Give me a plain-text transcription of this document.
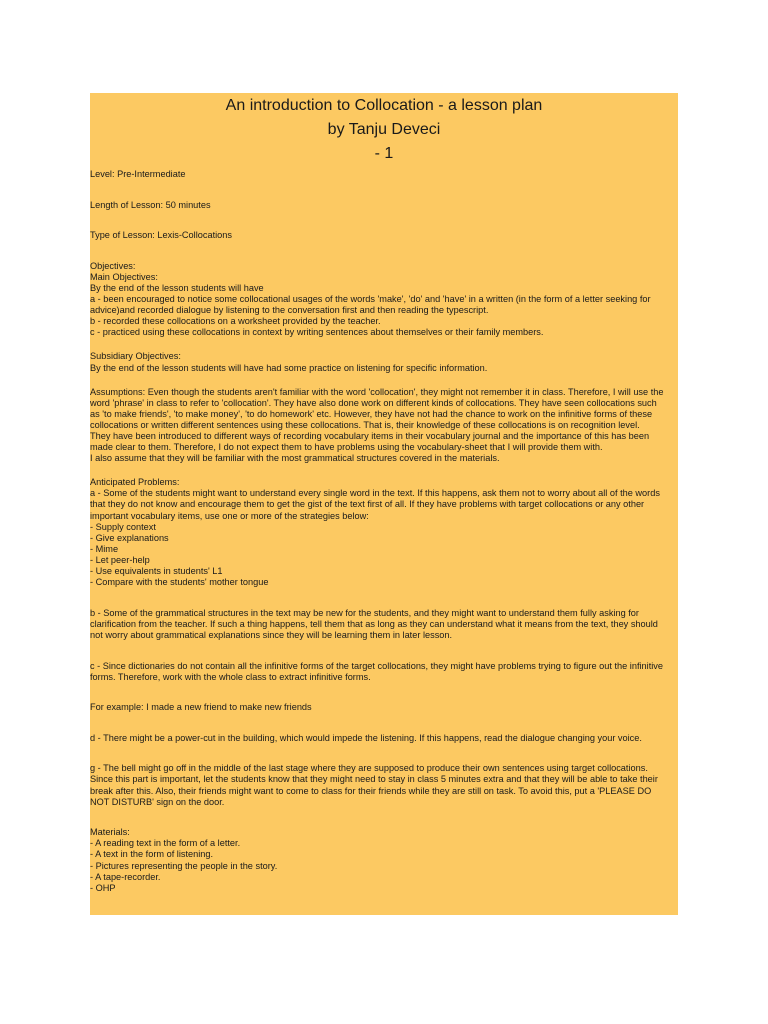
An introduction to Collocation - a lesson plan
by Tanju Deveci
- 1

Level: Pre-Intermediate

Length of Lesson: 50 minutes

Type of Lesson: Lexis-Collocations

Objectives:

Main Objectives:

By the end of the lesson students will have

a - been encouraged to notice some collocational usages of the words 'make', 'do' and 'have' in a written (in the form of a letter seeking for advice)and recorded dialogue by listening to the conversation first and then reading the typescript.

b - recorded these collocations on a worksheet provided by the teacher.

c - practiced using these collocations in context by writing sentences about themselves or their family members.

Subsidiary Objectives:

By the end of the lesson students will have had some practice on listening for specific information.

Assumptions: Even though the students aren't familiar with the word 'collocation', they might not remember it in class. Therefore, I will use the word 'phrase' in class to refer to 'collocation'. They have also done work on different kinds of collocations. They have seen collocations such as 'to make friends', 'to make money', 'to do homework' etc. However, they have not had the chance to work on the infinitive forms of these collocations or written different sentences using these collocations. That is, their knowledge of these collocations is on recognition level.

They have been introduced to different ways of recording vocabulary items in their vocabulary journal and the importance of this has been made clear to them. Therefore, I do not expect them to have problems using the vocabulary-sheet that I will provide them with.

I also assume that they will be familiar with the most grammatical structures covered in the materials.

Anticipated Problems:

a - Some of the students might want to understand every single word in the text. If this happens, ask them not to worry about all of the words that they do not know and encourage them to get the gist of the text first of all. If they have problems with target collocations or any other important vocabulary items, use one or more of the strategies below:

- Supply context

- Give explanations

- Mime

- Let peer-help

- Use equivalents in students' L1

- Compare with the students' mother tongue

b - Some of the grammatical structures in the text may be new for the students, and they might want to understand them fully asking for clarification from the teacher. If such a thing happens, tell them that as long as they can understand what it means from the text, they should not worry about grammatical explanations since they will be learning them in later lesson.

c - Since dictionaries do not contain all the infinitive forms of the target collocations, they might have problems trying to figure out the infinitive forms. Therefore, work with the whole class to extract infinitive forms.

For example: I made a new friend to make new friends

d - There might be a power-cut in the building, which would impede the listening. If this happens, read the dialogue changing your voice.

g - The bell might go off in the middle of the last stage where they are supposed to produce their own sentences using target collocations. Since this part is important, let the students know that they might need to stay in class 5 minutes extra and that they will be able to take their break after this. Also, their friends might want to come to class for their friends while they are still on task. To avoid this, put a 'PLEASE DO NOT DISTURB' sign on the door.

Materials:

- A reading text in the form of a letter.

- A text in the form of listening.

- Pictures representing the people in the story.

- A tape-recorder.

- OHP
